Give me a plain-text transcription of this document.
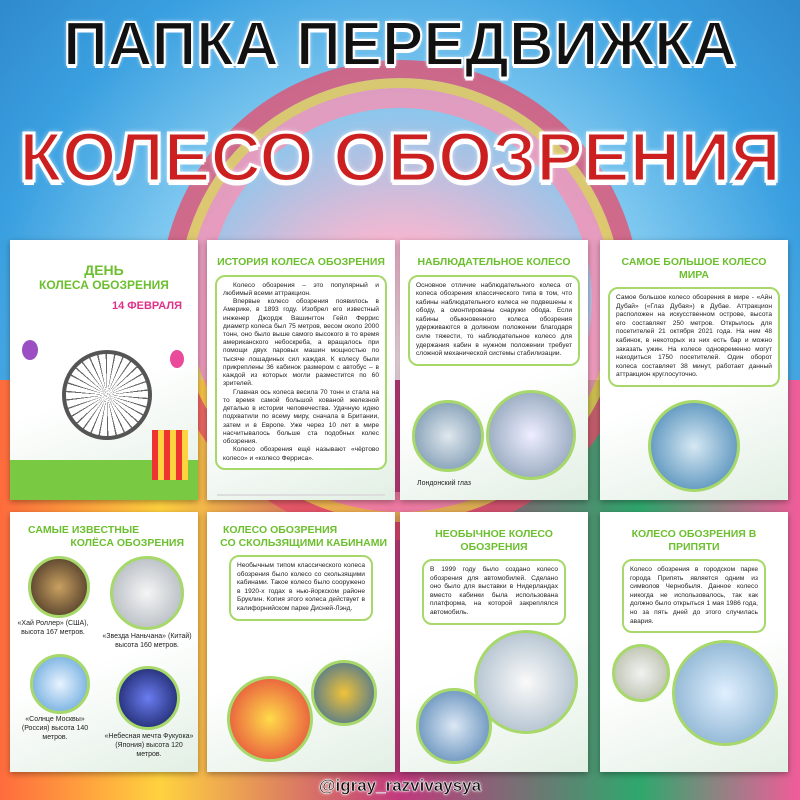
ПАПКА ПЕРЕДВИЖКА
КОЛЕСО ОБОЗРЕНИЯ
ДЕНЬ
КОЛЕСА ОБОЗРЕНИЯ
14 ФЕВРАЛЯ
ИСТОРИЯ КОЛЕСА ОБОЗРЕНИЯ

Колесо обозрения – это популярный и любимый всеми аттракцион.

Впервые колесо обозрения появилось в Америке, в 1893 году. Изобрел его известный инженер Джордж Вашингтон Гейл Феррис диаметр колеса был 75 метров, весом около 2000 тонн, оно было выше самого высокого в то время американского небоскреба, а вращалось при помощи двух паровых машин мощностью по тысяче лошадиных сил каждая. К колесу были прикреплены 36 кабинок размером с автобус – в каждой из которых могли разместится по 60 зрителей.

Главная ось колеса весила 70 тонн и стала на то время самой большой кованой железной деталью в истории человечества. Удачную идею подхватили по всему миру, сначала в Британии, затем и в Европе. Уже через 10 лет в мире насчитывалось больше ста подобных колес обозрения.

Колесо обозрения ещё называют «чёртово колесо» и «колесо Ферриса».

НАБЛЮДАТЕЛЬНОЕ КОЛЕСО
Основное отличие наблюдательного колеса от колеса обозрения классического типа в том, что кабины наблюдательного колеса не подвешены к ободу, а смонтированы снаружи обода. Если кабины обыкновенного колеса обозрения удерживаются в должном положении благодаря силе тяжести, то наблюдательное колесо для удержания кабин в нужном положении требует сложной механической системы стабилизации.
Лондонский глаз
САМОЕ БОЛЬШОЕ КОЛЕСО МИРА
Самое большое колесо обозрения в мире - «Айн Дубай» («Глаз Дубая») в Дубае. Аттракцион расположен на искусственном острове, высота его составляет 250 метров. Открылось для посетителей 21 октября 2021 года. На нем 48 кабинок, в некоторых из них есть бар и можно заказать ужин. На колесе одновременно могут находиться 1750 посетителей. Один оборот колеса составляет 38 минут, работает данный аттракцион круглосуточно.
САМЫЕ ИЗВЕСТНЫЕ
КОЛЁСА ОБОЗРЕНИЯ
«Хай Роллер» (США), высота 167 метров.
«Звезда Наньчана» (Китай) высота 160 метров.
«Солнце Москвы» (Россия) высота 140 метров.	«Небесная мечта Фукуока» (Япония) высота 120 метров.
КОЛЕСО ОБОЗРЕНИЯ
СО СКОЛЬЗЯЩИМИ КАБИНАМИ
Необычным типом классического колеса обозрения было колесо со скользящими кабинами. Такое колесо было сооружено в 1920-х годах в нью-йоркском районе Бруклин. Копия этого колеса действует в калифорнийском парке Дисней-Лэнд.
НЕОБЫЧНОЕ КОЛЕСО ОБОЗРЕНИЯ
В 1999 году было создано колесо обозрения для автомобилей. Сделано оно было для выставки в Нидерландах вместо кабинки была использована платформа, на которой закреплялся автомобиль.
КОЛЕСО ОБОЗРЕНИЯ В ПРИПЯТИ
Колесо обозрения в городском парке города Припять является одним из символов Чернобыля. Данное колесо никогда не использовалось, так как должно было открыться 1 мая 1986 года, но за пять дней до этого случилась авария.
@igray_razvivaysya
